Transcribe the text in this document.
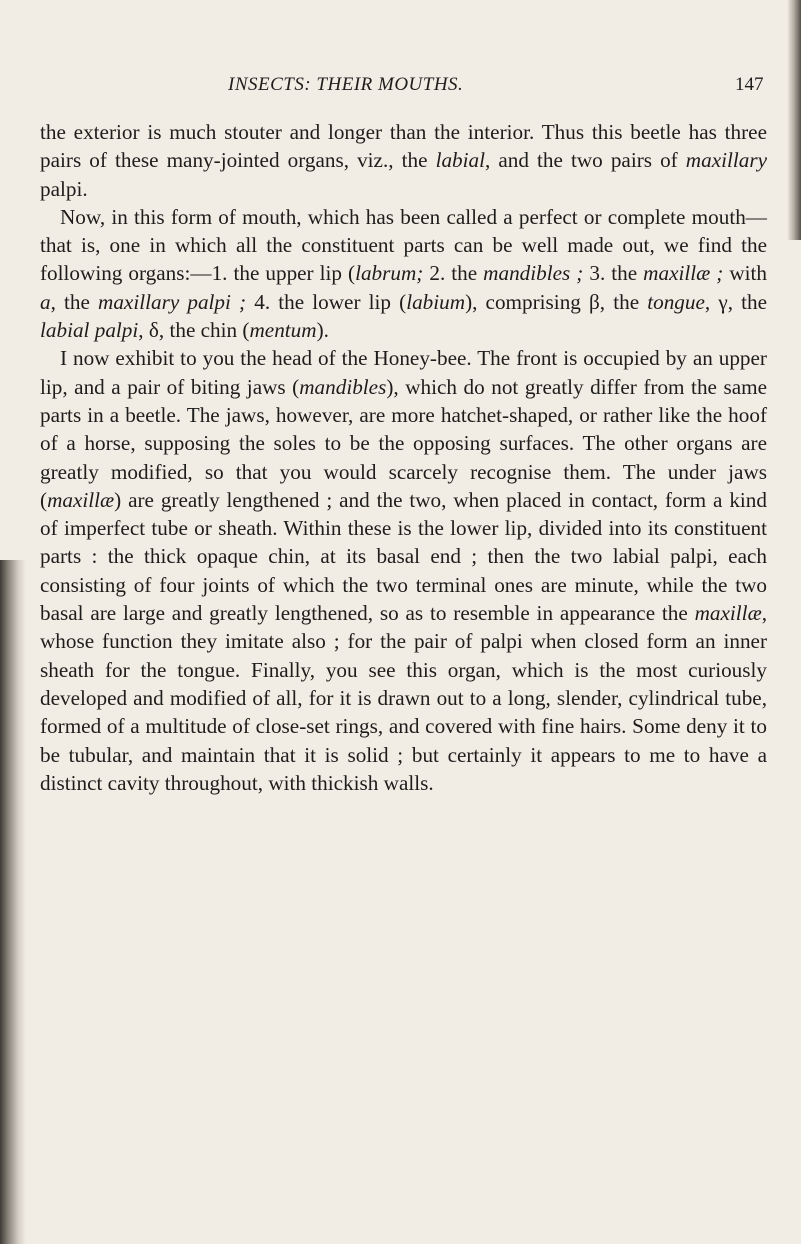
INSECTS: THEIR MOUTHS.	147

the exterior is much stouter and longer than the interior. Thus this beetle has three pairs of these many-jointed organs, viz., the labial, and the two pairs of maxillary palpi.

Now, in this form of mouth, which has been called a perfect or complete mouth—that is, one in which all the constituent parts can be well made out, we find the following organs:—1. the upper lip (labrum; 2. the mandibles ; 3. the maxillæ ; with a, the maxillary palpi ; 4. the lower lip (labium), comprising β, the tongue, γ, the labial palpi, δ, the chin (mentum).

I now exhibit to you the head of the Honey-bee. The front is occupied by an upper lip, and a pair of biting jaws (mandibles), which do not greatly differ from the same parts in a beetle. The jaws, however, are more hatchet-shaped, or rather like the hoof of a horse, supposing the soles to be the opposing surfaces. The other organs are greatly modified, so that you would scarcely recognise them. The under jaws (maxillæ) are greatly lengthened ; and the two, when placed in contact, form a kind of imperfect tube or sheath. Within these is the lower lip, divided into its constituent parts : the thick opaque chin, at its basal end ; then the two labial palpi, each consisting of four joints of which the two terminal ones are minute, while the two basal are large and greatly lengthened, so as to resemble in appearance the maxillæ, whose function they imitate also ; for the pair of palpi when closed form an inner sheath for the tongue. Finally, you see this organ, which is the most curiously developed and modified of all, for it is drawn out to a long, slender, cylindrical tube, formed of a multitude of close-set rings, and covered with fine hairs. Some deny it to be tubular, and maintain that it is solid ; but certainly it appears to me to have a distinct cavity throughout, with thickish walls.
